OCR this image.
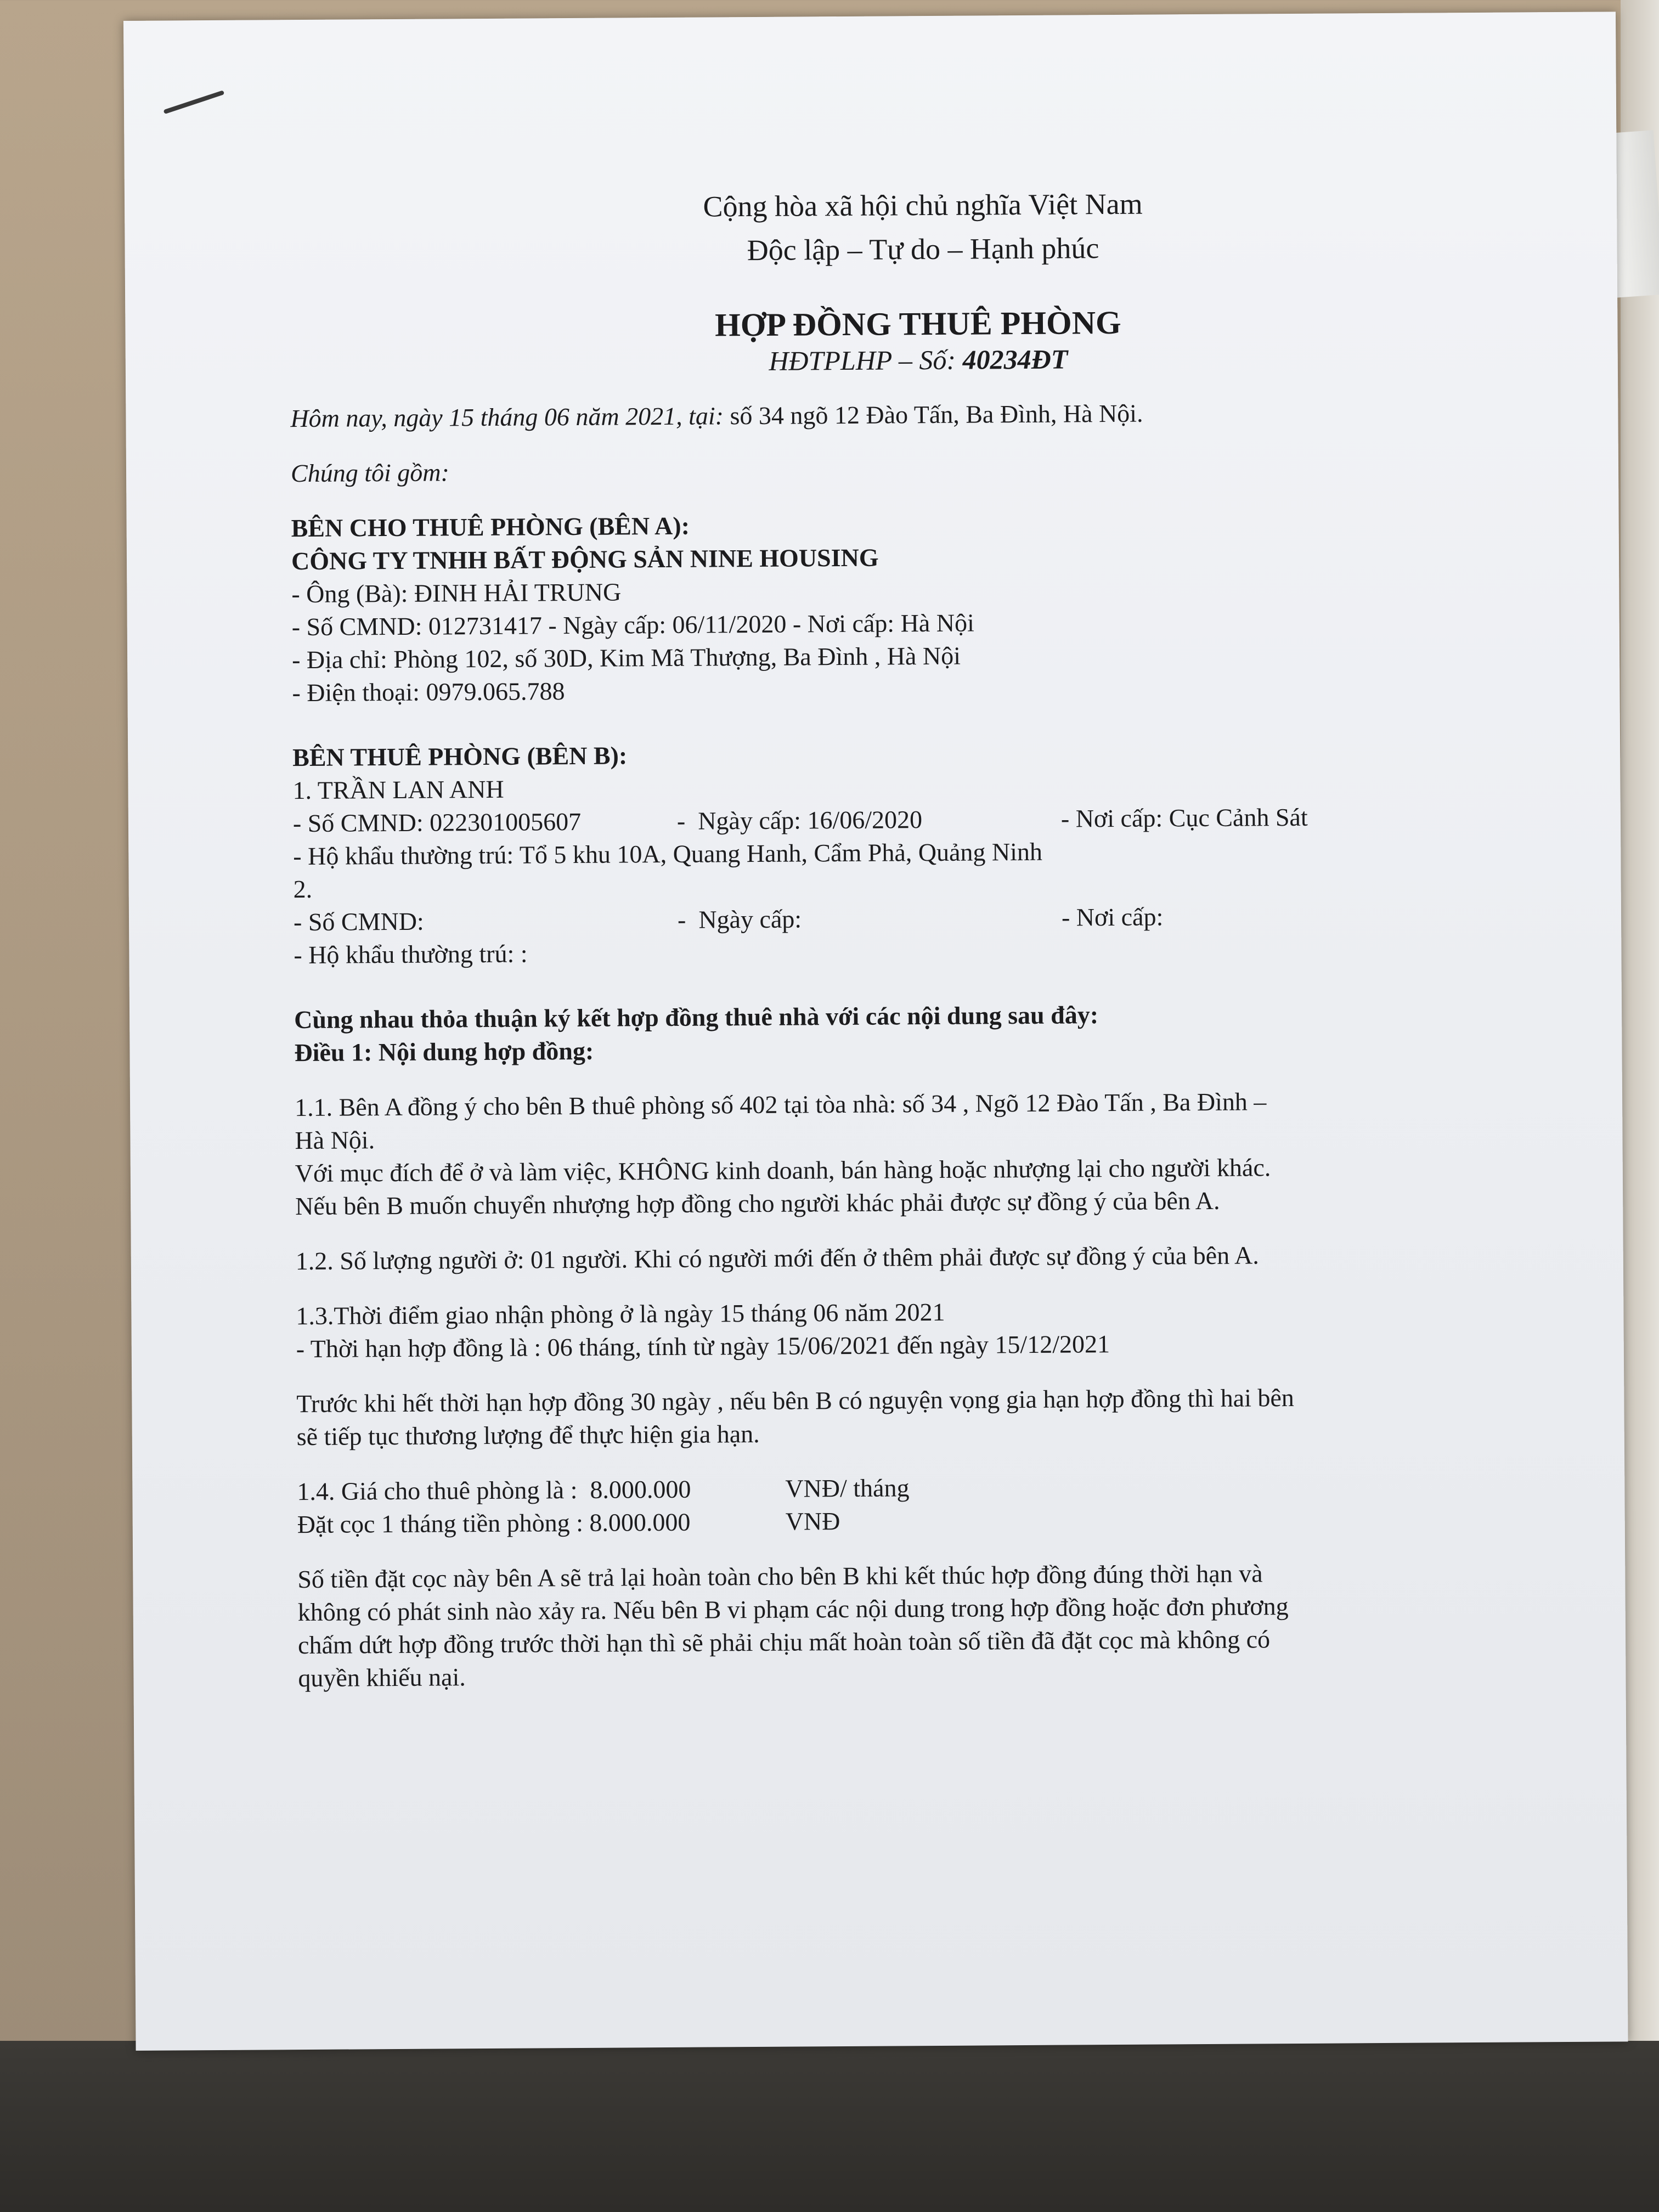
Cộng hòa xã hội chủ nghĩa Việt Nam
Độc lập – Tự do – Hạnh phúc
HỢP ĐỒNG THUÊ PHÒNG
HĐTPLHP – Số: 40234ĐT

Hôm nay, ngày 15 tháng 06 năm 2021, tại: số 34 ngõ 12 Đào Tấn, Ba Đình, Hà Nội.

Chúng tôi gồm:

BÊN CHO THUÊ PHÒNG (BÊN A):

CÔNG TY TNHH BẤT ĐỘNG SẢN NINE HOUSING

- Ông (Bà): ĐINH HẢI TRUNG

- Số CMND: 012731417 - Ngày cấp: 06/11/2020 - Nơi cấp: Hà Nội

- Địa chỉ: Phòng 102, số 30D, Kim Mã Thượng, Ba Đình , Hà Nội

- Điện thoại: 0979.065.788

BÊN THUÊ PHÒNG (BÊN B):

1. TRẦN LAN ANH

- Số CMND: 022301005607	-  Ngày cấp: 16/06/2020	- Nơi cấp: Cục Cảnh Sát

- Hộ khẩu thường trú: Tổ 5 khu 10A, Quang Hanh, Cẩm Phả, Quảng Ninh

2.

- Số CMND:	-  Ngày cấp:	- Nơi cấp:

- Hộ khẩu thường trú: :

Cùng nhau thỏa thuận ký kết hợp đồng thuê nhà với các nội dung sau đây:

Điều 1: Nội dung hợp đồng:

1.1. Bên A đồng ý cho bên B thuê phòng số 402 tại tòa nhà: số 34 , Ngõ 12 Đào Tấn , Ba Đình –

Hà Nội.

Với mục đích để ở và làm việc, KHÔNG kinh doanh, bán hàng hoặc nhượng lại cho người khác.

Nếu bên B muốn chuyển nhượng hợp đồng cho người khác phải được sự đồng ý của bên A.

1.2. Số lượng người ở: 01 người. Khi có người mới đến ở thêm phải được sự đồng ý của bên A.

1.3.Thời điểm giao nhận phòng ở là ngày 15 tháng 06 năm 2021

- Thời hạn hợp đồng là : 06 tháng, tính từ ngày 15/06/2021 đến ngày 15/12/2021

Trước khi hết thời hạn hợp đồng 30 ngày , nếu bên B có nguyện vọng gia hạn hợp đồng thì hai bên

sẽ tiếp tục thương lượng để thực hiện gia hạn.

1.4. Giá cho thuê phòng là :  8.000.000	VNĐ/ tháng
Đặt cọc 1 tháng tiền phòng : 8.000.000	VNĐ

Số tiền đặt cọc này bên A sẽ trả lại hoàn toàn cho bên B khi kết thúc hợp đồng đúng thời hạn và

không có phát sinh nào xảy ra. Nếu bên B vi phạm các nội dung trong hợp đồng hoặc đơn phương

chấm dứt hợp đồng trước thời hạn thì sẽ phải chịu mất hoàn toàn số tiền đã đặt cọc mà không có

quyền khiếu nại.
